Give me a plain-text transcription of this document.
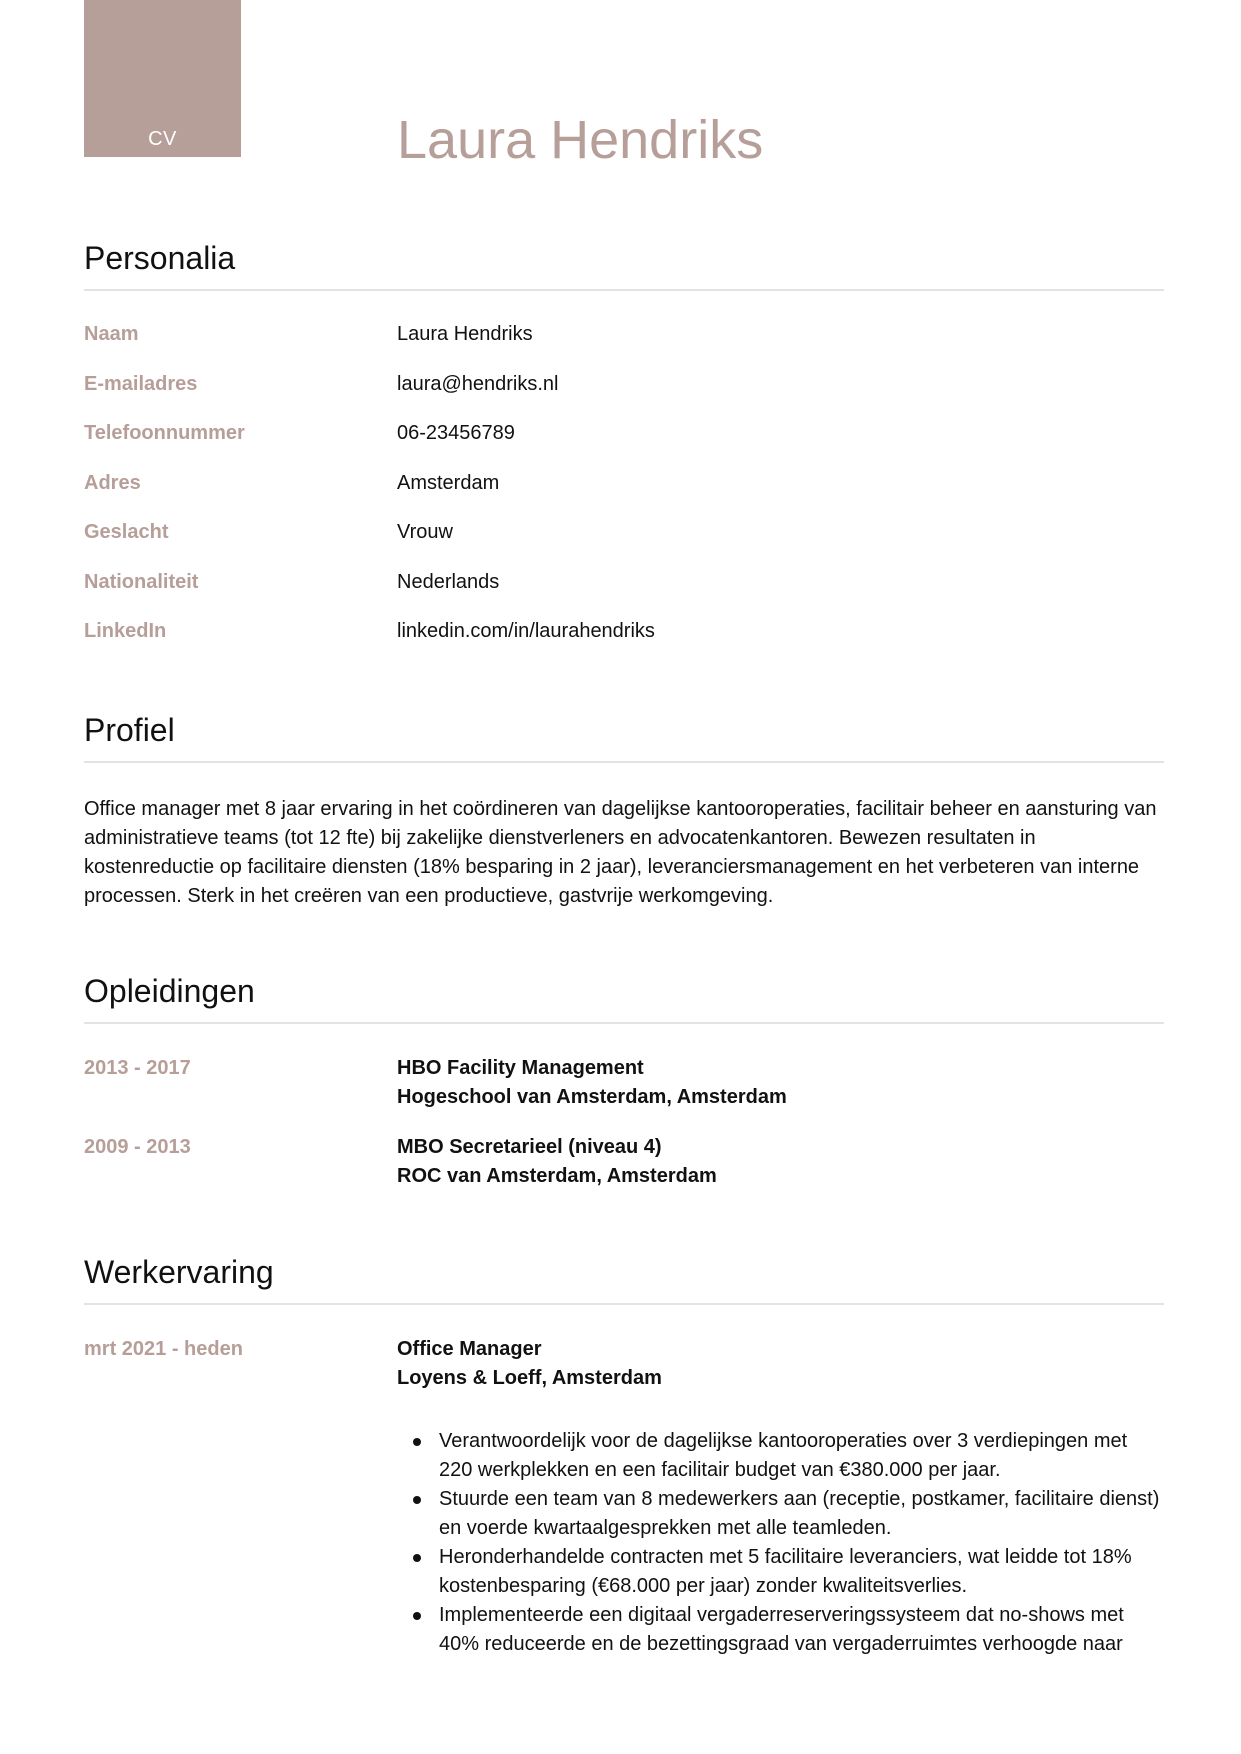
CV	Laura Hendriks
Personalia
Naam	Laura Hendriks
E-mailadres	laura@hendriks.nl
Telefoonnummer	06-23456789
Adres	Amsterdam
Geslacht	Vrouw
Nationaliteit	Nederlands
LinkedIn	linkedin.com/in/laurahendriks
Profiel

Office manager met 8 jaar ervaring in het coördineren van dagelijkse kantooroperaties, facilitair beheer en aansturing van administratieve teams (tot 12 fte) bij zakelijke dienstverleners en advocatenkantoren. Bewezen resultaten in kostenreductie op facilitaire diensten (18% besparing in 2 jaar), leveranciersmanagement en het verbeteren van interne processen. Sterk in het creëren van een productieve, gastvrije werkomgeving.

Opleidingen
2013 - 2017	HBO Facility Management
Hogeschool van Amsterdam, Amsterdam
2009 - 2013	MBO Secretarieel (niveau 4)
ROC van Amsterdam, Amsterdam
Werkervaring
mrt 2021 - heden	Office Manager
Loyens & Loeff, Amsterdam
Verantwoordelijk voor de dagelijkse kantooroperaties over 3 verdiepingen met 220 werkplekken en een facilitair budget van €380.000 per jaar.
Stuurde een team van 8 medewerkers aan (receptie, postkamer, facilitaire dienst) en voerde kwartaalgesprekken met alle teamleden.
Heronderhandelde contracten met 5 facilitaire leveranciers, wat leidde tot 18% kostenbesparing (€68.000 per jaar) zonder kwaliteitsverlies.
Implementeerde een digitaal vergaderreserveringssysteem dat no-shows met 40% reduceerde en de bezettingsgraad van vergaderruimtes verhoogde naar
